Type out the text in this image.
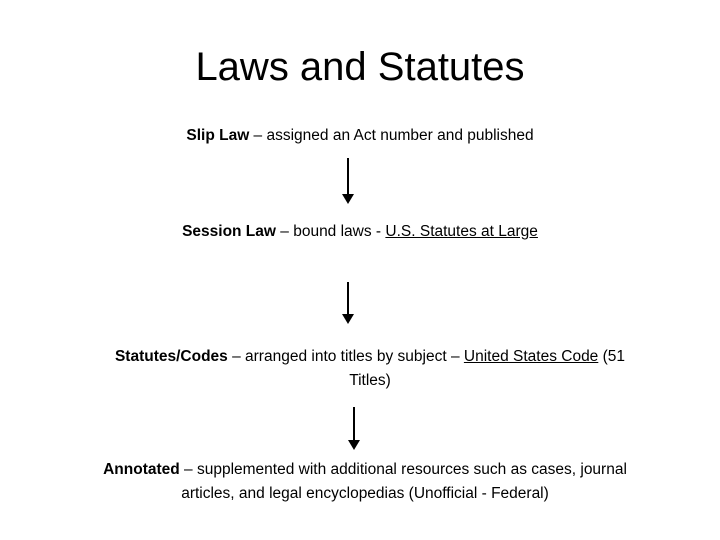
Laws and Statutes
Slip Law – assigned an Act number and published
Session Law – bound laws - U.S. Statutes at Large
Statutes/Codes – arranged into titles by subject – United States Code (51 Titles)
Annotated – supplemented with additional resources such as cases, journal articles, and legal encyclopedias (Unofficial - Federal)
